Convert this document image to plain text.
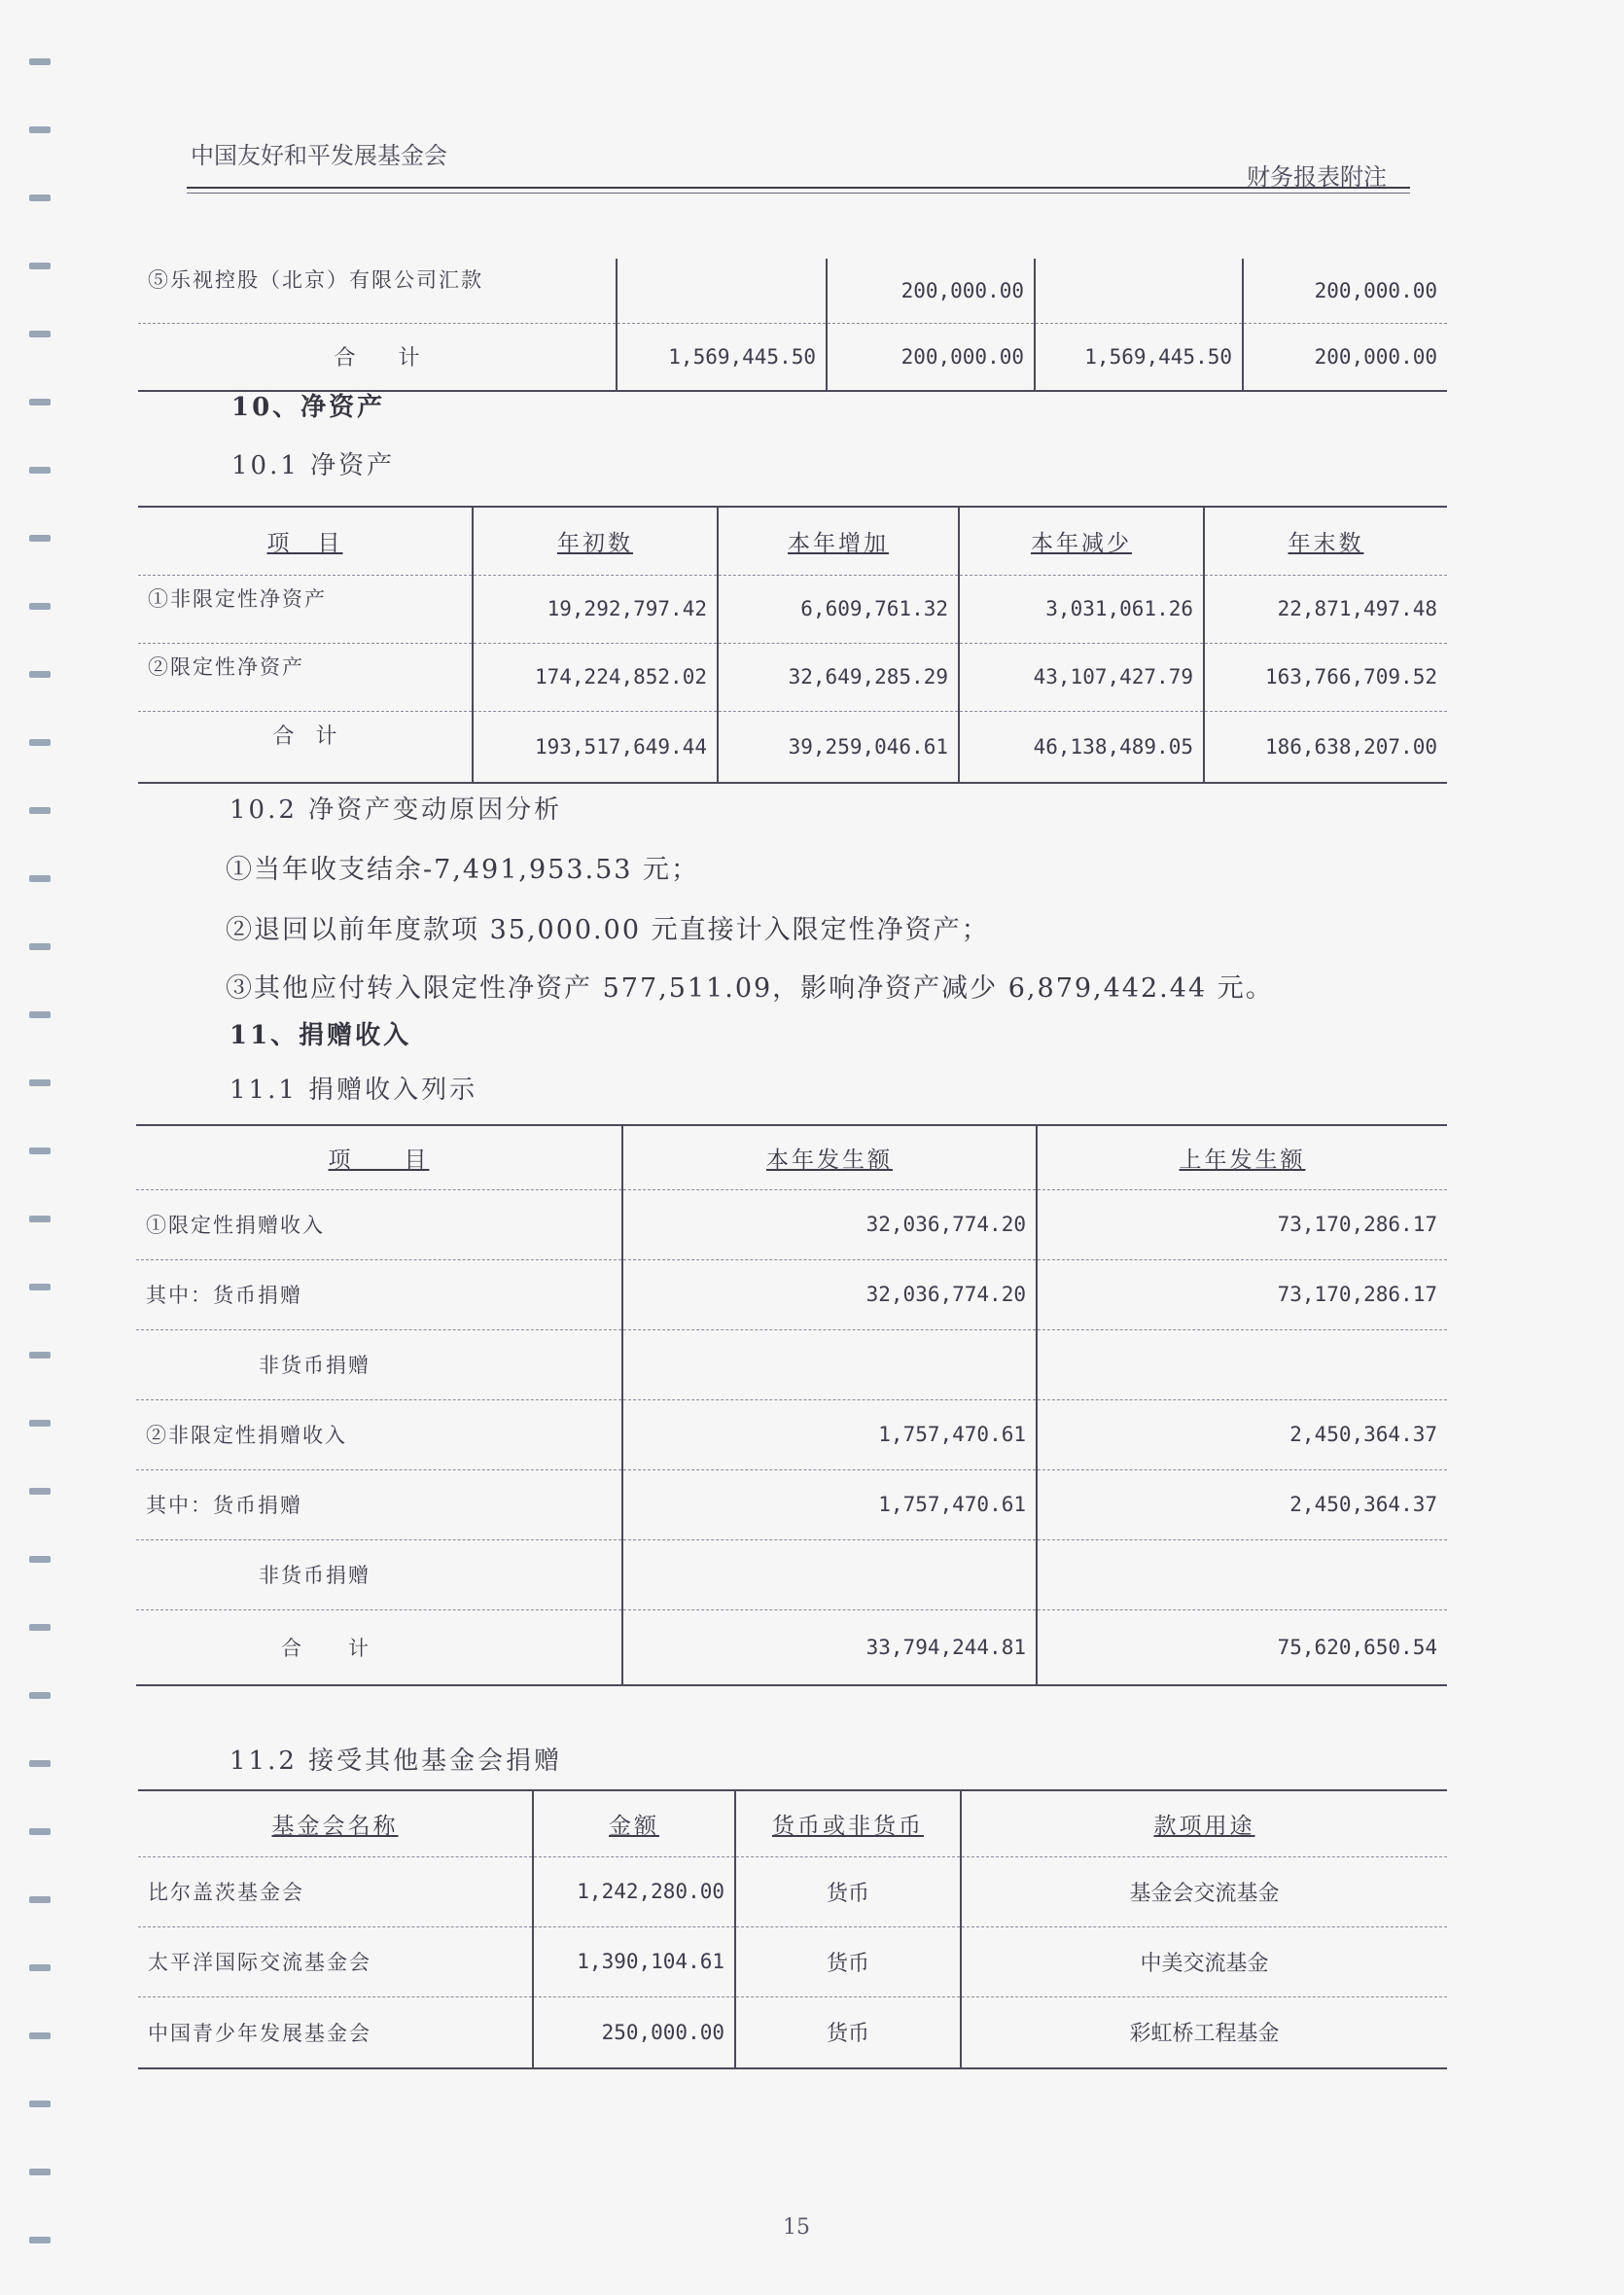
中国友好和平发展基金会
财务报表附注
⑤乐视控股（北京）有限公司汇款		200,000.00		200,000.00
合　　计	1,569,445.50	200,000.00	1,569,445.50	200,000.00
10、净资产
10.1 净资产
项　目	年初数	本年增加	本年减少	年末数
①非限定性净资产	19,292,797.42	6,609,761.32	3,031,061.26	22,871,497.48
②限定性净资产	174,224,852.02	32,649,285.29	43,107,427.79	163,766,709.52
合　计	193,517,649.44	39,259,046.61	46,138,489.05	186,638,207.00
10.2 净资产变动原因分析
①当年收支结余-7,491,953.53 元；
②退回以前年度款项 35,000.00 元直接计入限定性净资产；
③其他应付转入限定性净资产 577,511.09，影响净资产减少 6,879,442.44 元。
11、捐赠收入
11.1 捐赠收入列示
项　　目	本年发生额	上年发生额
①限定性捐赠收入	32,036,774.20	73,170,286.17
其中：货币捐赠	32,036,774.20	73,170,286.17
　　非货币捐赠		
②非限定性捐赠收入	1,757,470.61	2,450,364.37
其中：货币捐赠	1,757,470.61	2,450,364.37
　　非货币捐赠		
　　　合　　计	33,794,244.81	75,620,650.54
11.2 接受其他基金会捐赠
基金会名称	金额	货币或非货币	款项用途
比尔盖茨基金会	1,242,280.00	货币	基金会交流基金
太平洋国际交流基金会	1,390,104.61	货币	中美交流基金
中国青少年发展基金会	250,000.00	货币	彩虹桥工程基金
15
